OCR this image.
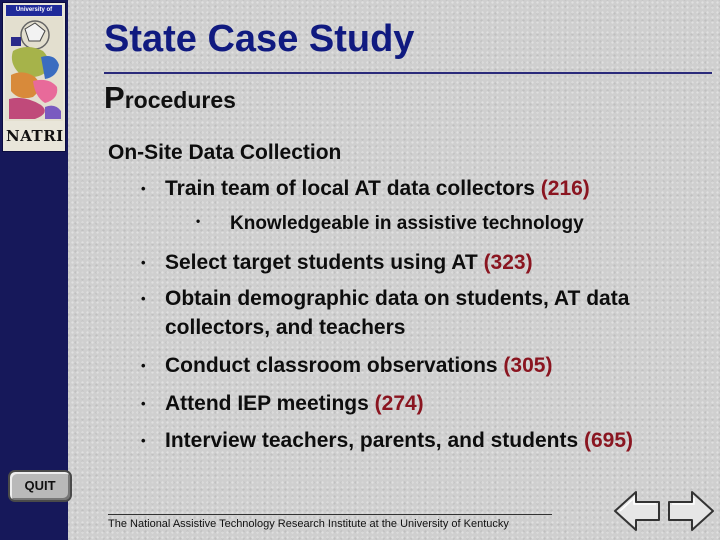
University of
NATRI
QUIT
State Case Study
Procedures
On-Site Data Collection
• Train team of local AT data collectors (216)
• Knowledgeable in assistive technology
• Select target students using AT (323)
• Obtain demographic data on students, AT data collectors, and teachers
• Conduct classroom observations (305)
• Attend IEP meetings (274)
• Interview teachers, parents, and students (695)
The National Assistive Technology Research Institute at the University of Kentucky
